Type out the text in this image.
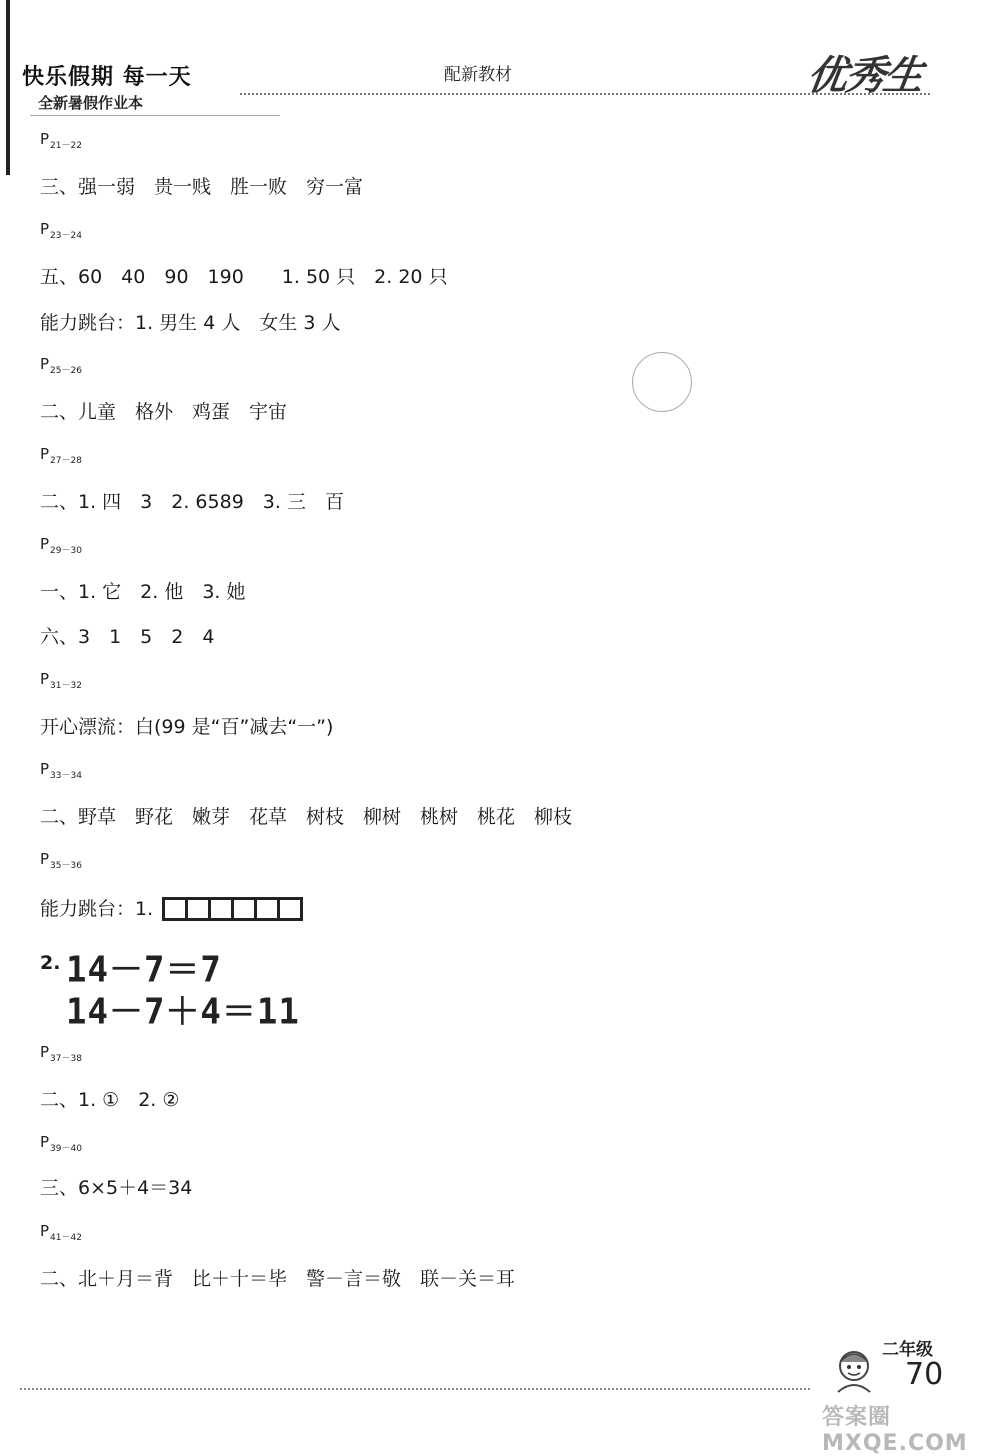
快乐假期 每一天
全新暑假作业本
配新教材	优秀生
$P_{21-22}$
三、强一弱　贵一贱　胜一败　穷一富
$P_{23-24}$
五、60　40　90　190　　1. 50 只　2. 20 只
能力跳台：1. 男生 4 人　女生 3 人
$P_{25-26}$
二、儿童　格外　鸡蛋　宇宙
$P_{27-28}$
二、1. 四　3　2. 6589　3. 三　百
$P_{29-30}$
一、1. 它　2. 他　3. 她
六、3　1　5　2　4
$P_{31-32}$
开心漂流：白(99 是“百”减去“一”)
$P_{33-34}$
二、野草　野花　嫩芽　花草　树枝　柳树　桃树　桃花　柳枝
$P_{35-36}$
能力跳台：1.
2. 14－7＝7
14－7＋4＝11
$P_{37-38}$
二、1. ①　2. ②
$P_{39-40}$
三、6×5＋4＝34
$P_{41-42}$
二、北＋月＝背　比＋十＝毕　警－言＝敬　联－关＝耳
二年级
70
答案圈 MXQE.COM
